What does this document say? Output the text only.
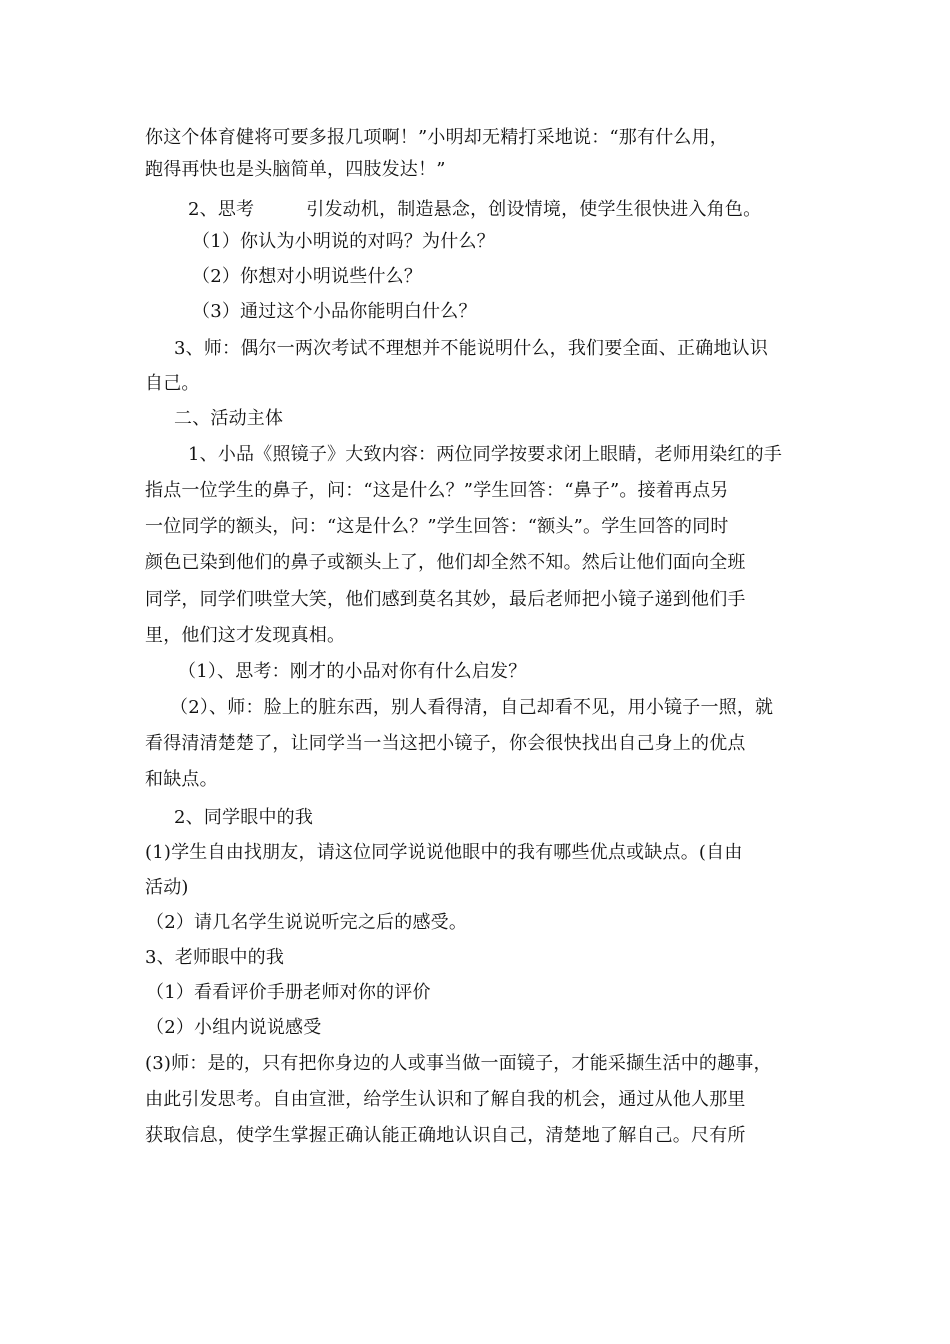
你这个体育健将可要多报几项啊！”小明却无精打采地说：“那有什么用，
跑得再快也是头脑简单，四肢发达！”
2、思考	引发动机，制造悬念，创设情境，使学生很快进入角色。
（1）你认为小明说的对吗？为什么？
（2）你想对小明说些什么？
（3）通过这个小品你能明白什么？
3、师：偶尔一两次考试不理想并不能说明什么，我们要全面、正确地认识
自己。
二、活动主体
1、小品《照镜子》大致内容：两位同学按要求闭上眼睛，老师用染红的手
指点一位学生的鼻子，问：“这是什么？”学生回答：“鼻子”。接着再点另
一位同学的额头，问：“这是什么？”学生回答：“额头”。学生回答的同时
颜色已染到他们的鼻子或额头上了，他们却全然不知。然后让他们面向全班
同学，同学们哄堂大笑，他们感到莫名其妙，最后老师把小镜子递到他们手
里，他们这才发现真相。
（1）、思考：刚才的小品对你有什么启发？
（2）、师：脸上的脏东西，别人看得清，自己却看不见，用小镜子一照，就
看得清清楚楚了，让同学当一当这把小镜子，你会很快找出自己身上的优点
和缺点。
2、同学眼中的我
(1)学生自由找朋友，请这位同学说说他眼中的我有哪些优点或缺点。(自由
活动)
（2）请几名学生说说听完之后的感受。
3、老师眼中的我
（1）看看评价手册老师对你的评价
（2）小组内说说感受
(3)师：是的，只有把你身边的人或事当做一面镜子，才能采撷生活中的趣事，
由此引发思考。自由宣泄，给学生认识和了解自我的机会，通过从他人那里
获取信息，使学生掌握正确认能正确地认识自己，清楚地了解自己。尺有所
